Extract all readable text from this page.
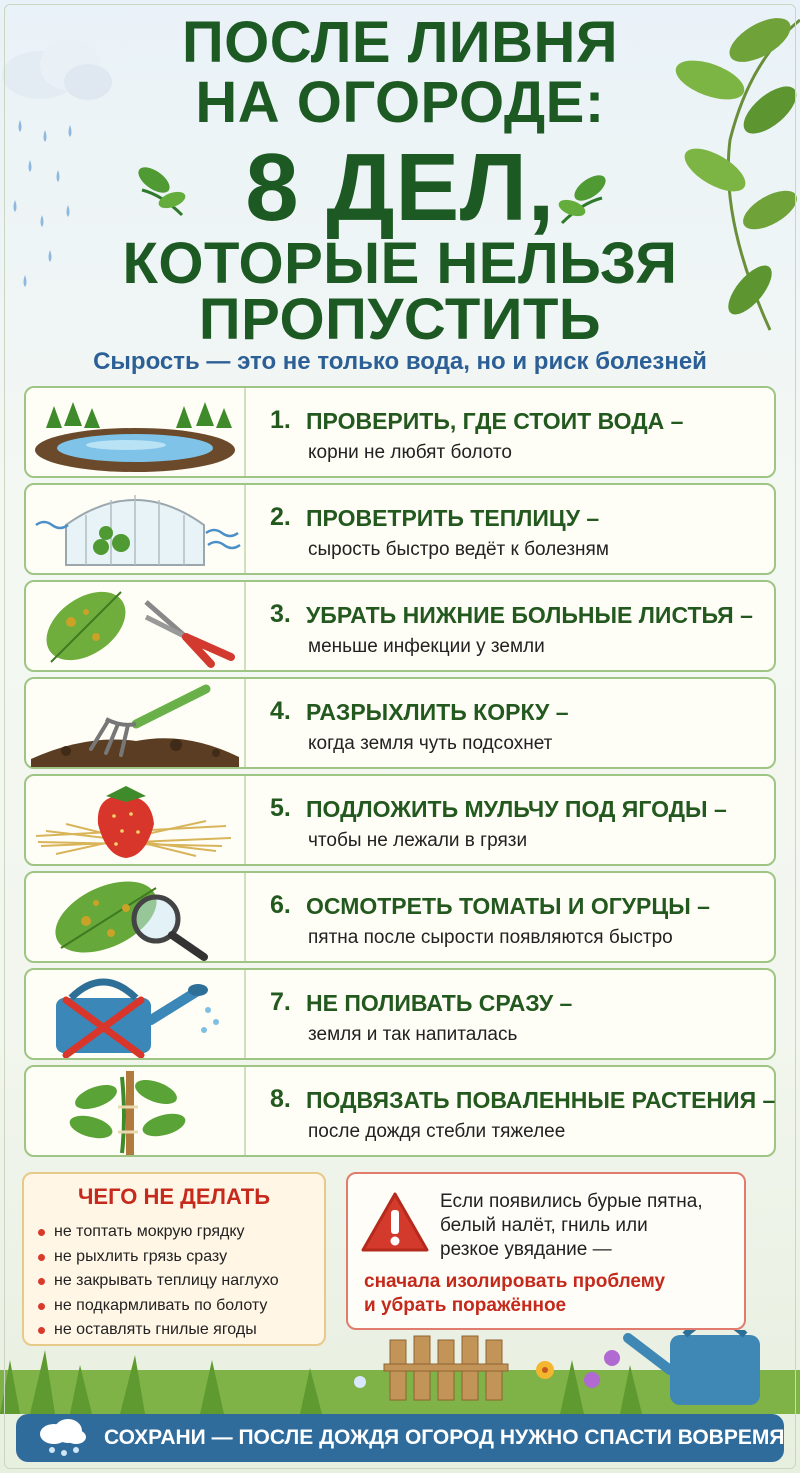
ПОСЛЕ ЛИВНЯ
НА ОГОРОДЕ:
8 ДЕЛ,
КОТОРЫЕ НЕЛЬЗЯ
ПРОПУСТИТЬ
Сырость — это не только вода, но и риск болезней
1. ПРОВЕРИТЬ, ГДЕ СТОИТ ВОДА –
корни не любят болото
2. ПРОВЕТРИТЬ ТЕПЛИЦУ –
сырость быстро ведёт к болезням
3. УБРАТЬ НИЖНИЕ БОЛЬНЫЕ ЛИСТЬЯ –
меньше инфекции у земли
4. РАЗРЫХЛИТЬ КОРКУ –
когда земля чуть подсохнет
5. ПОДЛОЖИТЬ МУЛЬЧУ ПОД ЯГОДЫ –
чтобы не лежали в грязи
6. ОСМОТРЕТЬ ТОМАТЫ И ОГУРЦЫ –
пятна после сырости появляются быстро
7. НЕ ПОЛИВАТЬ СРАЗУ –
земля и так напиталась
8. ПОДВЯЗАТЬ ПОВАЛЕННЫЕ РАСТЕНИЯ –
после дождя стебли тяжелее
ЧЕГО НЕ ДЕЛАТЬ
не топтать мокрую грядку
не рыхлить грязь сразу
не закрывать теплицу наглухо
не подкармливать по болоту
не оставлять гнилые ягоды
Если появились бурые пятна,
белый налёт, гниль или
резкое увядание —
сначала изолировать проблему
и убрать поражённое
СОХРАНИ — ПОСЛЕ ДОЖДЯ ОГОРОД НУЖНО СПАСТИ ВОВРЕМЯ
